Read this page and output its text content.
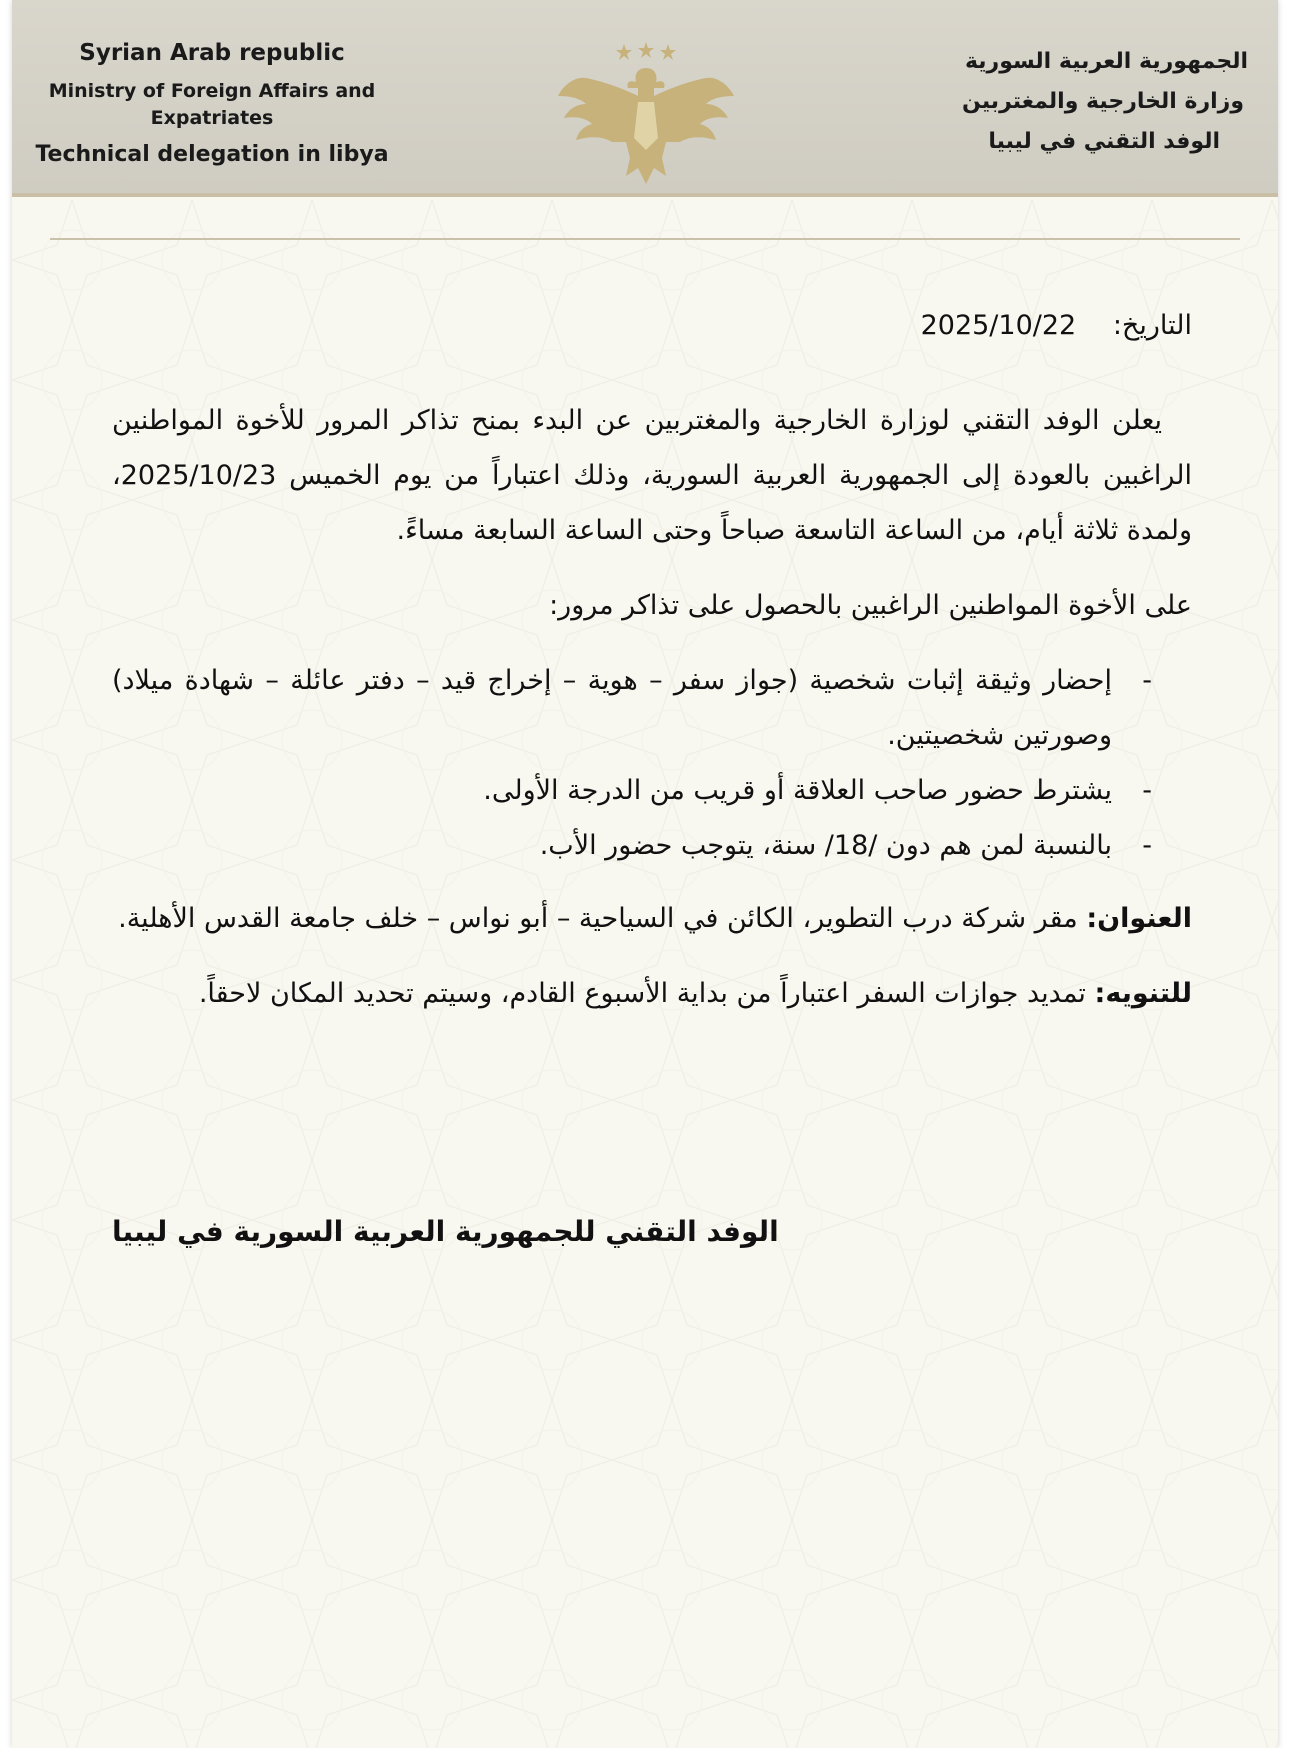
Syrian Arab republic
Ministry of Foreign Affairs and Expatriates
Technical delegation in libya
الجمهورية العربية السورية
وزارة الخارجية والمغتربين
الوفد التقني في ليبيا
التاريخ: 2025/10/22

يعلن الوفد التقني لوزارة الخارجية والمغتربين عن البدء بمنح تذاكر المرور للأخوة المواطنين الراغبين بالعودة إلى الجمهورية العربية السورية، وذلك اعتباراً من يوم الخميس 2025/10/23، ولمدة ثلاثة أيام، من الساعة التاسعة صباحاً وحتى الساعة السابعة مساءً.

على الأخوة المواطنين الراغبين بالحصول على تذاكر مرور:

-
إحضار وثيقة إثبات شخصية (جواز سفر – هوية – إخراج قيد – دفتر عائلة – شهادة ميلاد) وصورتين شخصيتين.
-
يشترط حضور صاحب العلاقة أو قريب من الدرجة الأولى.
-
بالنسبة لمن هم دون /18/ سنة، يتوجب حضور الأب.

العنوان: مقر شركة درب التطوير، الكائن في السياحية – أبو نواس – خلف جامعة القدس الأهلية.

للتنويه: تمديد جوازات السفر اعتباراً من بداية الأسبوع القادم، وسيتم تحديد المكان لاحقاً.

الوفد التقني للجمهورية العربية السورية في ليبيا
